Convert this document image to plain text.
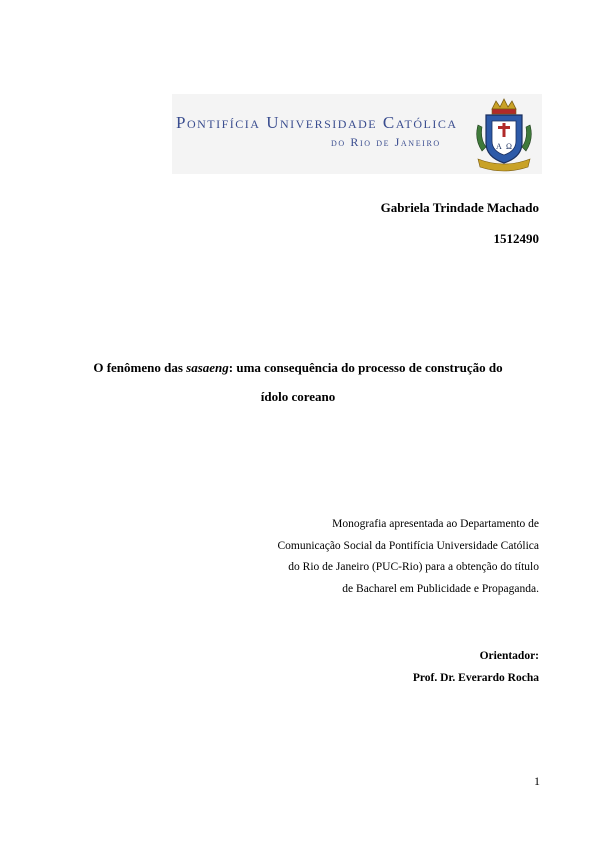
Pontifícia Universidade Católica
do Rio de Janeiro	A Ω
Gabriela Trindade Machado
1512490
O fenômeno das sasaeng: uma consequência do processo de construção do
ídolo coreano
Monografia apresentada ao Departamento de
Comunicação Social da Pontifícia Universidade Católica
do Rio de Janeiro (PUC-Rio) para a obtenção do título
de Bacharel em Publicidade e Propaganda.
Orientador:
Prof. Dr. Everardo Rocha
1
